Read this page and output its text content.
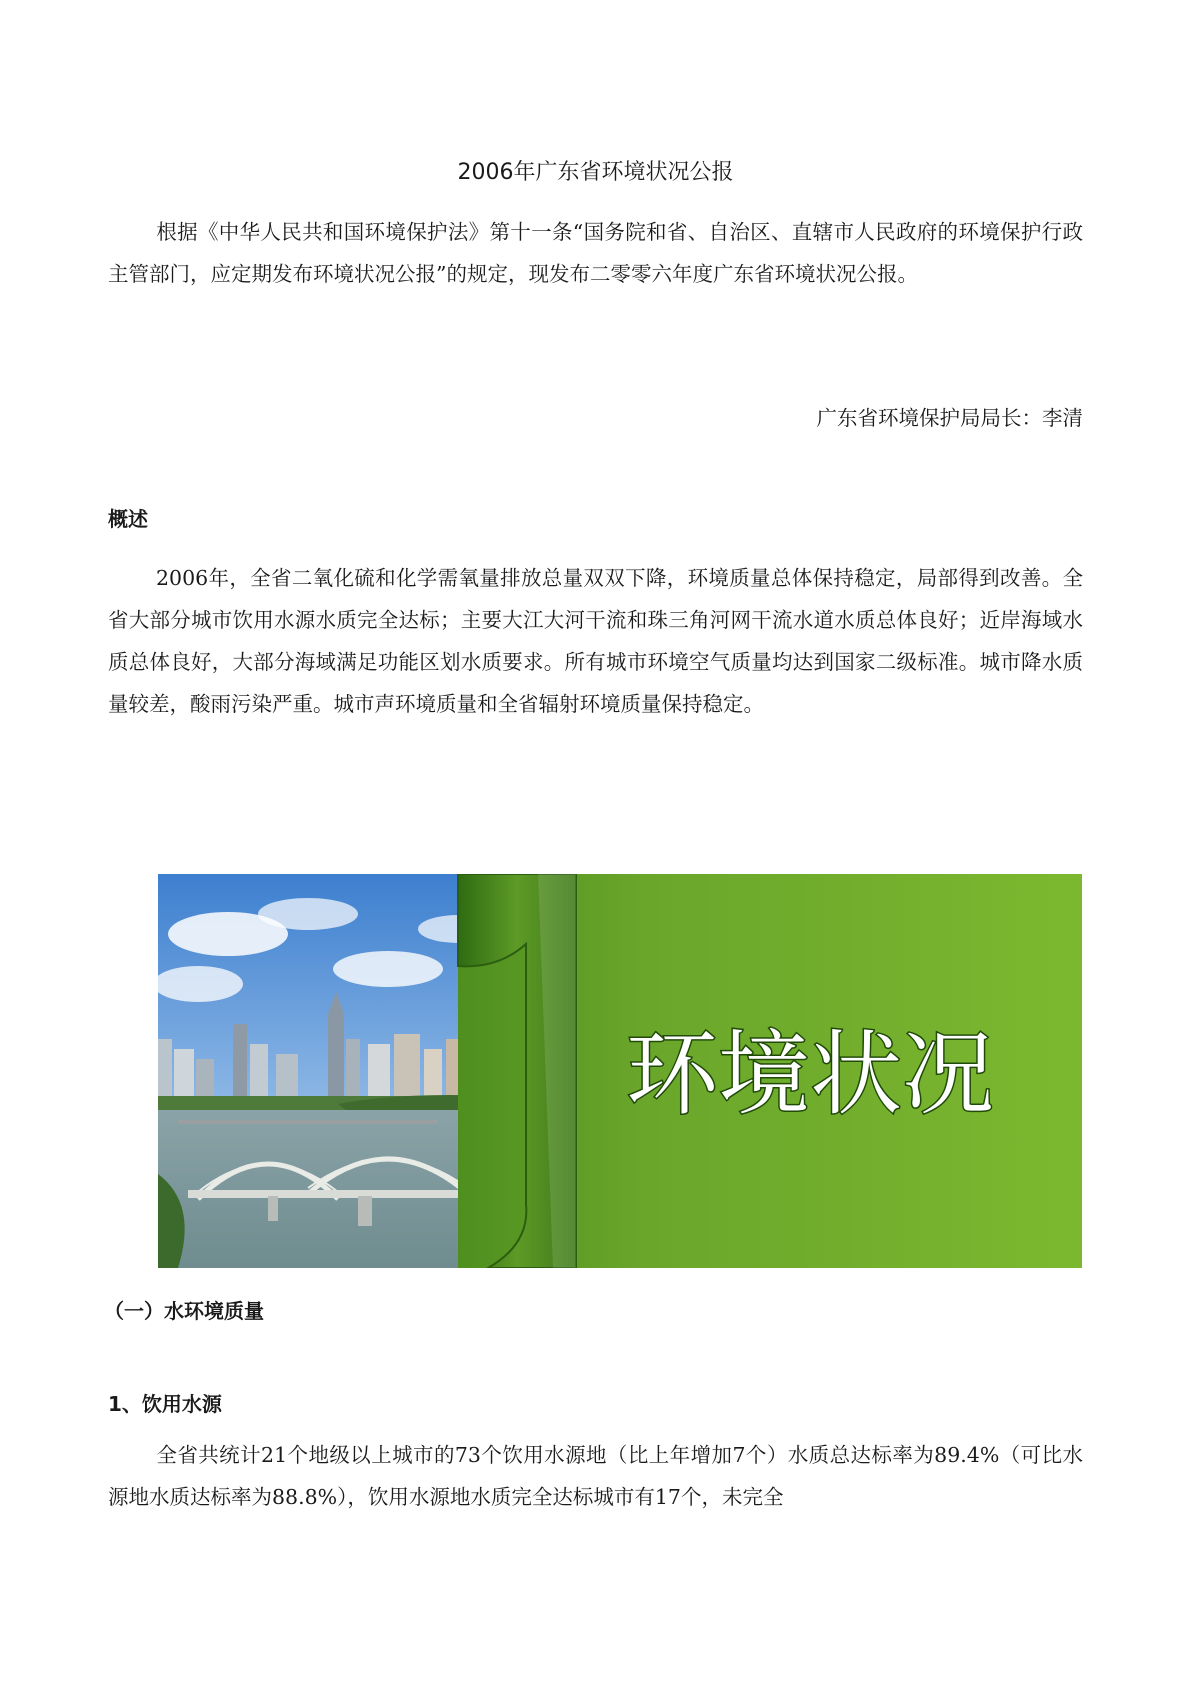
2006年广东省环境状况公报
根据《中华人民共和国环境保护法》第十一条“国务院和省、自治区、直辖市人民政府的环境保护行政主管部门，应定期发布环境状况公报”的规定，现发布二零零六年度广东省环境状况公报。
广东省环境保护局局长：李清
概述
2006年，全省二氧化硫和化学需氧量排放总量双双下降，环境质量总体保持稳定，局部得到改善。全省大部分城市饮用水源水质完全达标；主要大江大河干流和珠三角河网干流水道水质总体良好；近岸海域水质总体良好，大部分海域满足功能区划水质要求。所有城市环境空气质量均达到国家二级标准。城市降水质量较差，酸雨污染严重。城市声环境质量和全省辐射环境质量保持稳定。
环境状况
（一）水环境质量
1、饮用水源
全省共统计21个地级以上城市的73个饮用水源地（比上年增加7个）水质总达标率为89.4%（可比水源地水质达标率为88.8%），饮用水源地水质完全达标城市有17个，未完全
